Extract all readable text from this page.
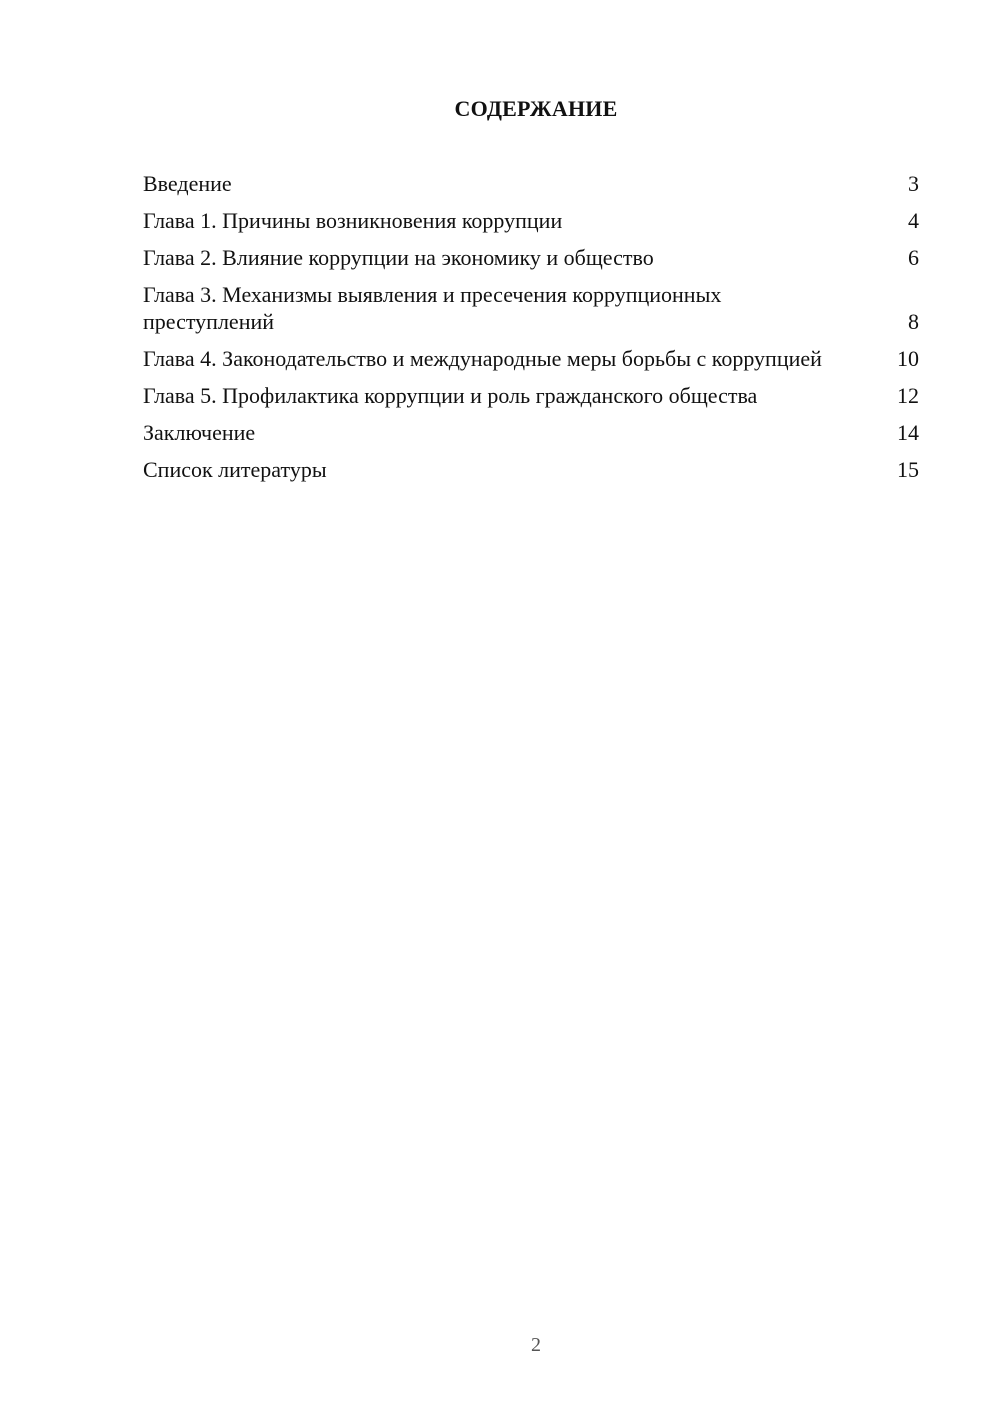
СОДЕРЖАНИЕ
Введение	3
Глава 1. Причины возникновения коррупции	4
Глава 2. Влияние коррупции на экономику и общество	6
Глава 3. Механизмы выявления и пресечения коррупционных преступлений	8
Глава 4. Законодательство и международные меры борьбы с коррупцией	10
Глава 5. Профилактика коррупции и роль гражданского общества	12
Заключение	14
Список литературы	15
2
